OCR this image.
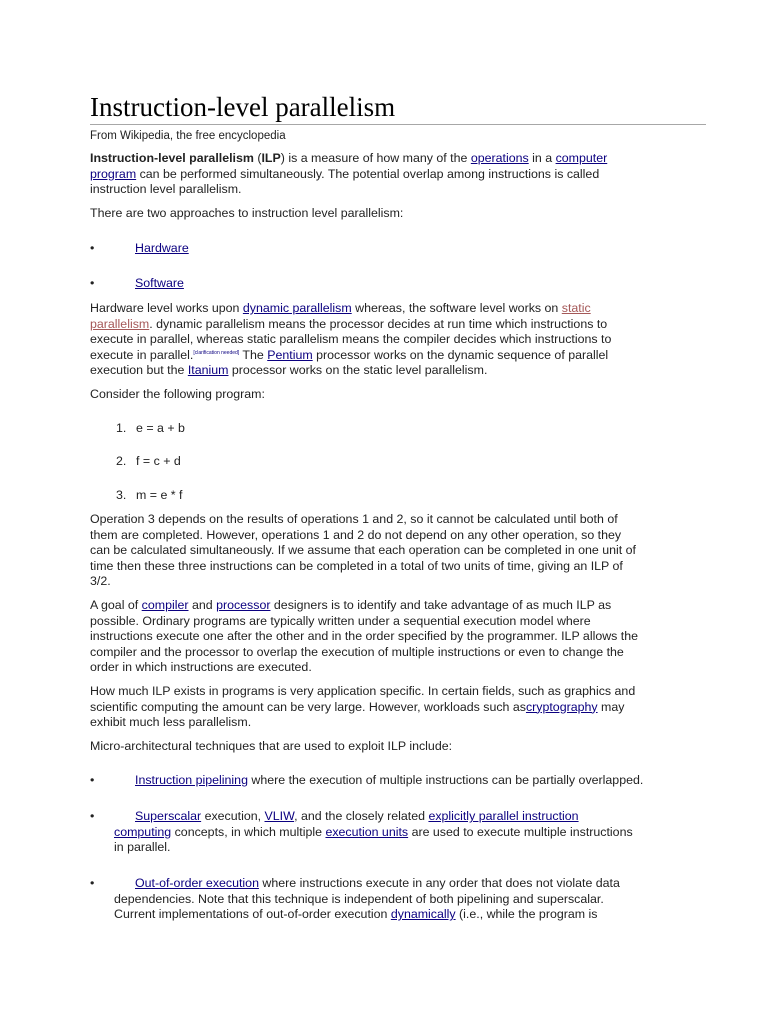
Instruction-level parallelism
From Wikipedia, the free encyclopedia
Instruction-level parallelism (ILP) is a measure of how many of the operations in a computer
program can be performed simultaneously. The potential overlap among instructions is called
instruction level parallelism.
There are two approaches to instruction level parallelism:
•	Hardware
•	Software
Hardware level works upon dynamic parallelism whereas, the software level works on static
parallelism. dynamic parallelism means the processor decides at run time which instructions to
execute in parallel, whereas static parallelism means the compiler decides which instructions to
execute in parallel.[clarification needed] The Pentium processor works on the dynamic sequence of parallel
execution but the Itanium processor works on the static level parallelism.
Consider the following program:
1. e = a + b
2. f = c + d
3. m = e * f
Operation 3 depends on the results of operations 1 and 2, so it cannot be calculated until both of
them are completed. However, operations 1 and 2 do not depend on any other operation, so they
can be calculated simultaneously. If we assume that each operation can be completed in one unit of
time then these three instructions can be completed in a total of two units of time, giving an ILP of
3/2.
A goal of compiler and processor designers is to identify and take advantage of as much ILP as
possible. Ordinary programs are typically written under a sequential execution model where
instructions execute one after the other and in the order specified by the programmer. ILP allows the
compiler and the processor to overlap the execution of multiple instructions or even to change the
order in which instructions are executed.
How much ILP exists in programs is very application specific. In certain fields, such as graphics and
scientific computing the amount can be very large. However, workloads such ascryptography may
exhibit much less parallelism.
Micro-architectural techniques that are used to exploit ILP include:
•	Instruction pipelining where the execution of multiple instructions can be partially overlapped.
•	Superscalar execution, VLIW, and the closely related explicitly parallel instruction
computing concepts, in which multiple execution units are used to execute multiple instructions
in parallel.
•	Out-of-order execution where instructions execute in any order that does not violate data
dependencies. Note that this technique is independent of both pipelining and superscalar.
Current implementations of out-of-order execution dynamically (i.e., while the program is
